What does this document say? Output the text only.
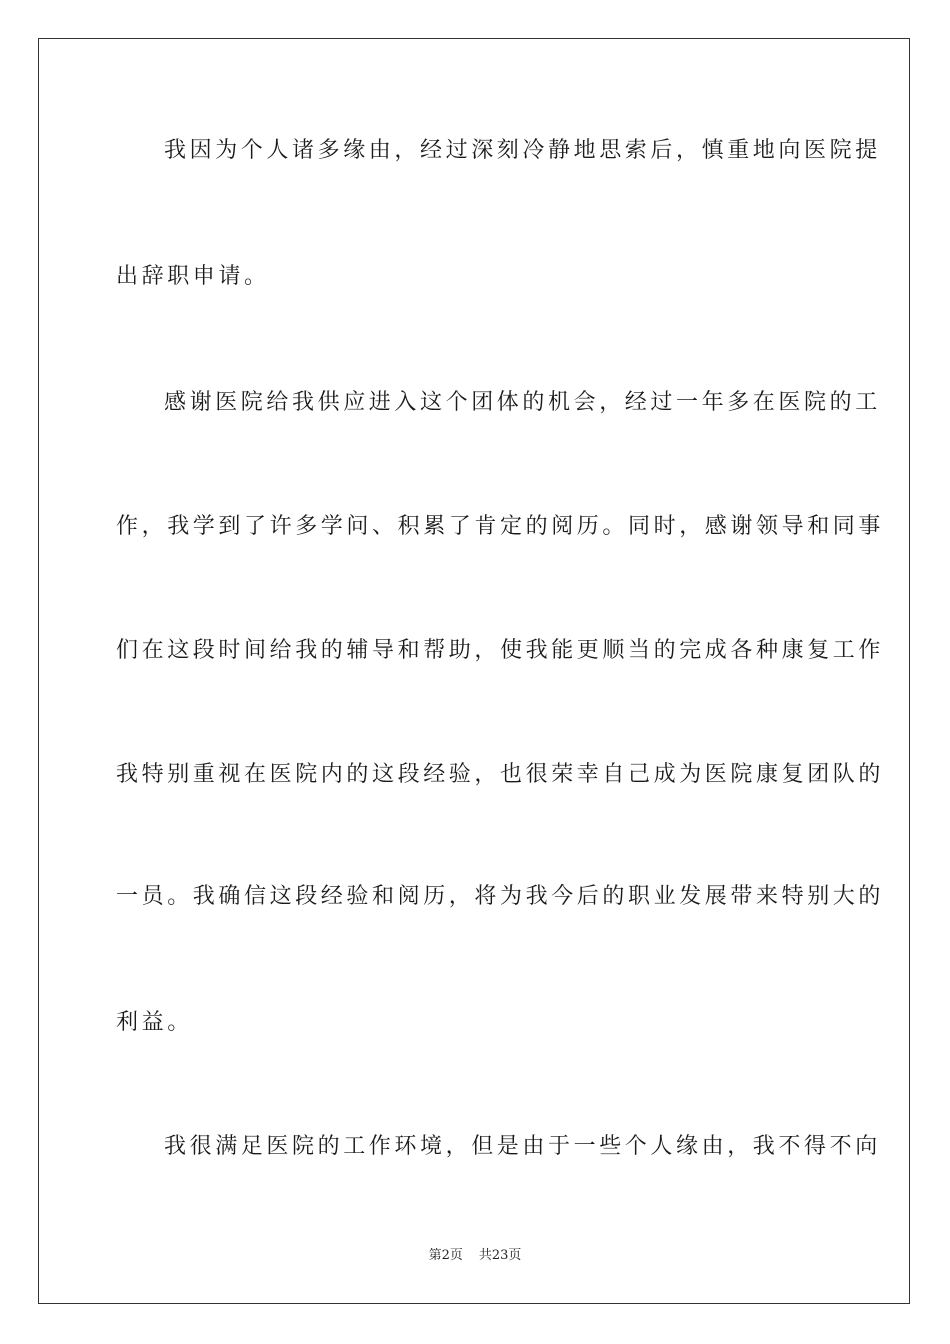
我因为个人诸多缘由，经过深刻冷静地思索后，慎重地向医院提
出辞职申请。
感谢医院给我供应进入这个团体的机会，经过一年多在医院的工
作，我学到了许多学问、积累了肯定的阅历。同时，感谢领导和同事
们在这段时间给我的辅导和帮助，使我能更顺当的完成各种康复工作
我特别重视在医院内的这段经验，也很荣幸自己成为医院康复团队的
一员。我确信这段经验和阅历，将为我今后的职业发展带来特别大的
利益。
我很满足医院的工作环境，但是由于一些个人缘由，我不得不向
第2页 共23页
